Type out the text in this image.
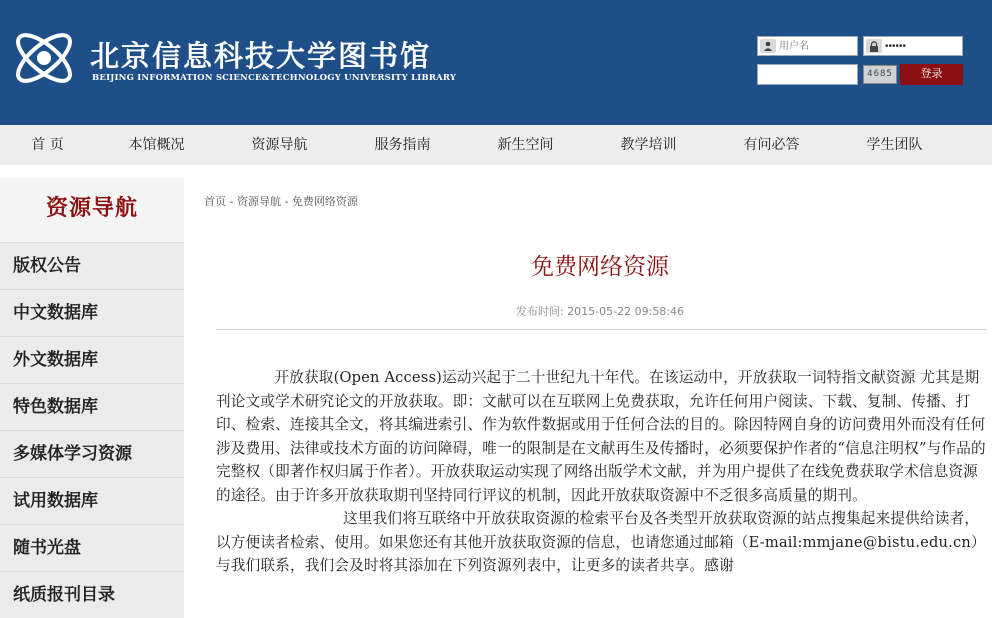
北京信息科技大学图书馆
BEIJING INFORMATION SCIENCE&TECHNOLOGY UNIVERSITY LIBRARY
用户名
••••••	4685	登录
首 页	本馆概况	资源导航	服务指南	新生空间	教学培训	有问必答	学生团队
资源导航
版权公告
中文数据库
外文数据库
特色数据库
多媒体学习资源
试用数据库
随书光盘
纸质报刊目录
首页 - 资源导航 - 免费网络资源
免费网络资源
发布时间: 2015-05-22 09:58:46

开放获取(Open Access)运动兴起于二十世纪九十年代。在该运动中，开放获取一词特指文献资源 尤其是期刊论文或学术研究论文的开放获取。即：文献可以在互联网上免费获取，允许任何用户阅读、下载、复制、传播、打印、检索、连接其全文，将其编进索引、作为软件数据或用于任何合法的目的。除因特网自身的访问费用外而没有任何涉及费用、法律或技术方面的访问障碍，唯一的限制是在文献再生及传播时，必须要保护作者的“信息注明权”与作品的完整权（即著作权归属于作者）。开放获取运动实现了网络出版学术文献，并为用户提供了在线免费获取学术信息资源的途径。由于许多开放获取期刊坚持同行评议的机制，因此开放获取资源中不乏很多高质量的期刊。

这里我们将互联络中开放获取资源的检索平台及各类型开放获取资源的站点搜集起来提供给读者，以方便读者检索、使用。如果您还有其他开放获取资源的信息，也请您通过邮箱（E-mail:mmjane@bistu.edu.cn）与我们联系，我们会及时将其添加在下列资源列表中，让更多的读者共享。感谢
